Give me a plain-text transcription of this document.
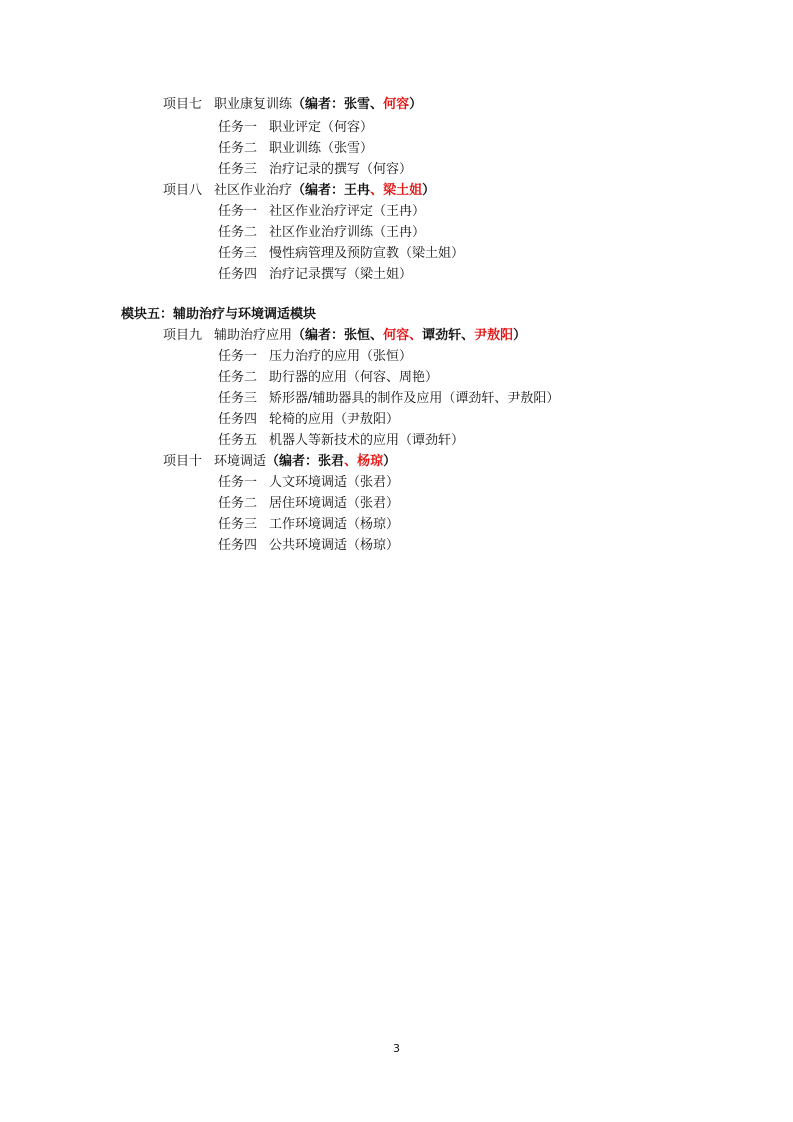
项目七 职业康复训练（编者：张雪、何容）
任务一 职业评定（何容）
任务二 职业训练（张雪）
任务三 治疗记录的撰写（何容）
项目八 社区作业治疗（编者：王冉、梁土姐）
任务一 社区作业治疗评定（王冉）
任务二 社区作业治疗训练（王冉）
任务三 慢性病管理及预防宣教（梁土姐）
任务四 治疗记录撰写（梁土姐）
模块五：辅助治疗与环境调适模块
项目九 辅助治疗应用（编者：张恒、何容、谭劲轩、尹敖阳）
任务一 压力治疗的应用（张恒）
任务二 助行器的应用（何容、周艳）
任务三 矫形器/辅助器具的制作及应用（谭劲轩、尹敖阳）
任务四 轮椅的应用（尹敖阳）
任务五 机器人等新技术的应用（谭劲轩）
项目十 环境调适（编者：张君、杨琼）
任务一 人文环境调适（张君）
任务二 居住环境调适（张君）
任务三 工作环境调适（杨琼）
任务四 公共环境调适（杨琼）
3
